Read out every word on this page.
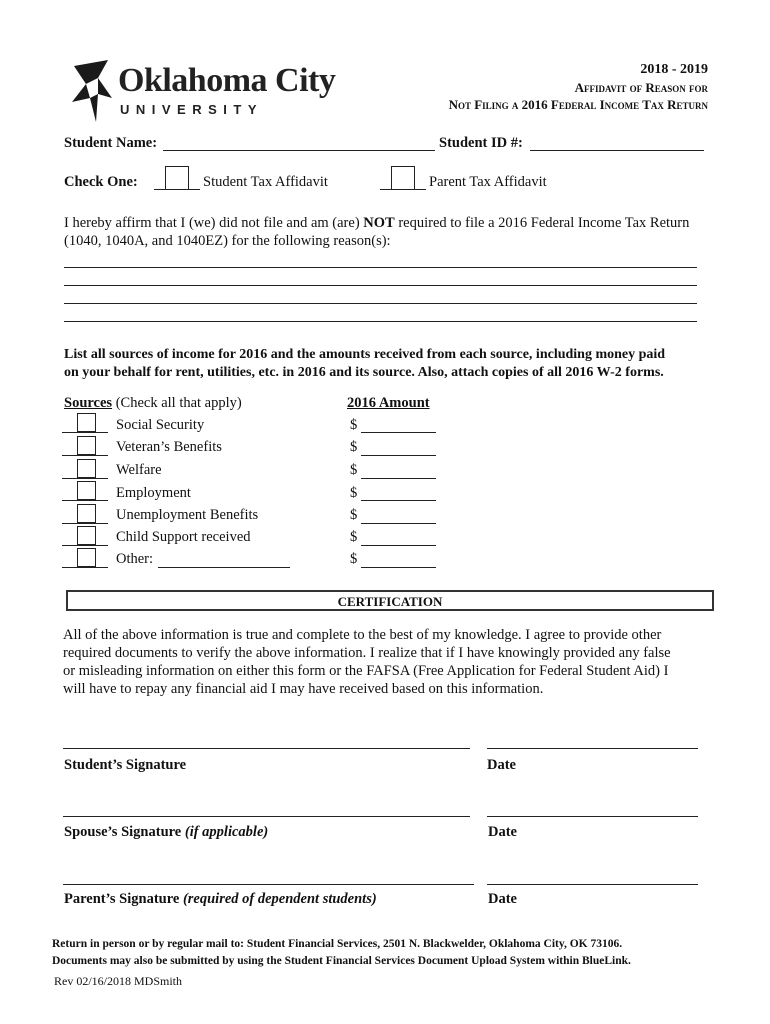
Oklahoma City
UNIVERSITY
2018 - 2019
Affidavit of Reason for
Not Filing a 2016 Federal Income Tax Return
Student Name:	Student ID #:
Check One:	Student Tax Affidavit	Parent Tax Affidavit
I hereby affirm that I (we) did not file and am (are) NOT required to file a 2016 Federal Income Tax Return
(1040, 1040A, and 1040EZ) for the following reason(s):
List all sources of income for 2016 and the amounts received from each source, including money paid
on your behalf for rent, utilities, etc. in 2016 and its source. Also, attach copies of all 2016 W-2 forms.
Sources (Check all that apply)	2016 Amount
Social Security	$
Veteran’s Benefits	$
Welfare	$
Employment	$
Unemployment Benefits	$
Child Support received	$
Other:	$
CERTIFICATION
All of the above information is true and complete to the best of my knowledge. I agree to provide other
required documents to verify the above information. I realize that if I have knowingly provided any false
or misleading information on either this form or the FAFSA (Free Application for Federal Student Aid) I
will have to repay any financial aid I may have received based on this information.
Student’s Signature	Date
Spouse’s Signature (if applicable)	Date
Parent’s Signature (required of dependent students)	Date
Return in person or by regular mail to: Student Financial Services, 2501 N. Blackwelder, Oklahoma City, OK 73106.
Documents may also be submitted by using the Student Financial Services Document Upload System within BlueLink.
Rev 02/16/2018 MDSmith
